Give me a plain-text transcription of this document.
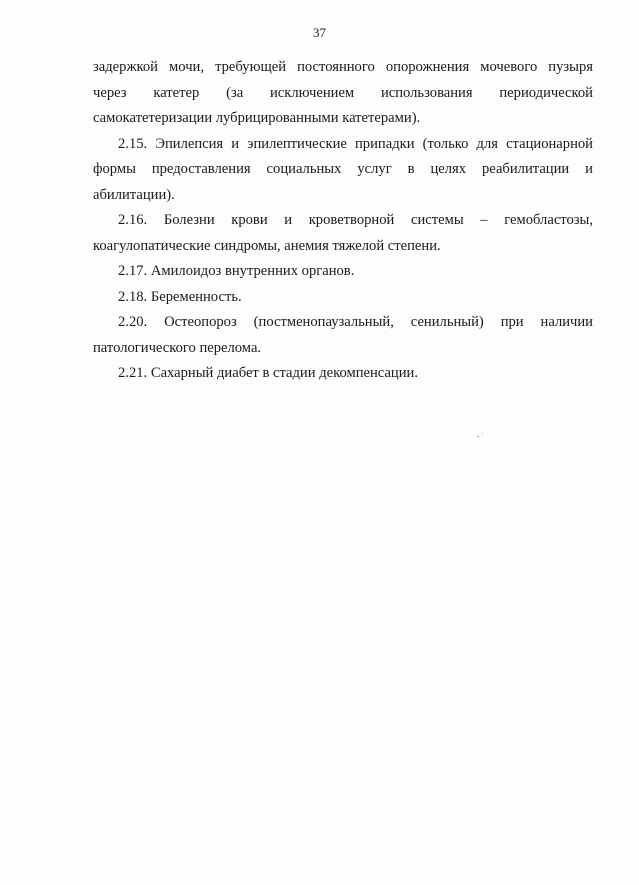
37

задержкой мочи, требующей постоянного опорожнения мочевого пузыря
через катетер (за исключением использования периодической
самокатетеризации лубрицированными катетерами).

2.15. Эпилепсия и эпилептические припадки (только для стационарной
формы предоставления социальных услуг в целях реабилитации и
абилитации).

2.16. Болезни крови и кроветворной системы – гемобластозы,
коагулопатические синдромы, анемия тяжелой степени.

2.17. Амилоидоз внутренних органов.

2.18. Беременность.

2.20. Остеопороз (постменопаузальный, сенильный) при наличии
патологического перелома.

2.21. Сахарный диабет в стадии декомпенсации.
